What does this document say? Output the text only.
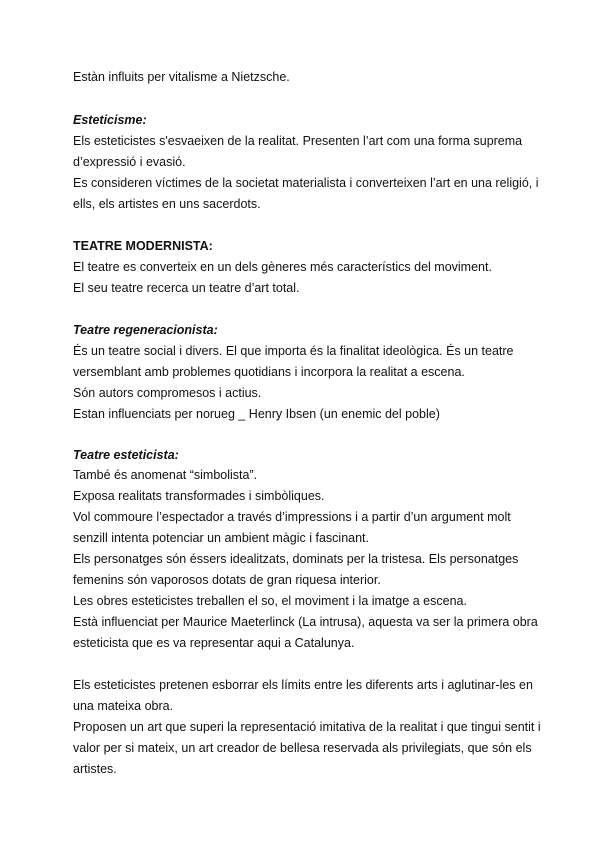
Estàn influits per vitalisme a Nietzsche.
Esteticisme:
Els esteticistes s'esvaeixen de la realitat. Presenten l’art com una forma suprema
d’expressió i evasió.
Es consideren víctimes de la societat materialista i converteixen l’art en una religió, i
ells, els artistes en uns sacerdots.
TEATRE MODERNISTA:
El teatre es converteix en un dels gèneres més característics del moviment.
El seu teatre recerca un teatre d’art total.
Teatre regeneracionista:
És un teatre social i divers. El que importa és la finalitat ideològica. És un teatre
versemblant amb problemes quotidians i incorpora la realitat a escena.
Són autors compromesos i actius.
Estan influenciats per norueg _ Henry Ibsen (un enemic del poble)
Teatre esteticista:
També és anomenat “simbolista”.
Exposa realitats transformades i simbòliques.
Vol commoure l’espectador a través d’impressions i a partir d’un argument molt
senzill intenta potenciar un ambient màgic i fascinant.
Els personatges són éssers idealitzats, dominats per la tristesa. Els personatges
femenins són vaporosos dotats de gran riquesa interior.
Les obres esteticistes treballen el so, el moviment i la imatge a escena.
Està influenciat per Maurice Maeterlinck (La intrusa), aquesta va ser la primera obra
esteticista que es va representar aqui a Catalunya.
Els esteticistes pretenen esborrar els límits entre les diferents arts i aglutinar-les en
una mateixa obra.
Proposen un art que superi la representació imitativa de la realitat i que tingui sentit i
valor per si mateix, un art creador de bellesa reservada als privilegiats, que són els
artistes.
